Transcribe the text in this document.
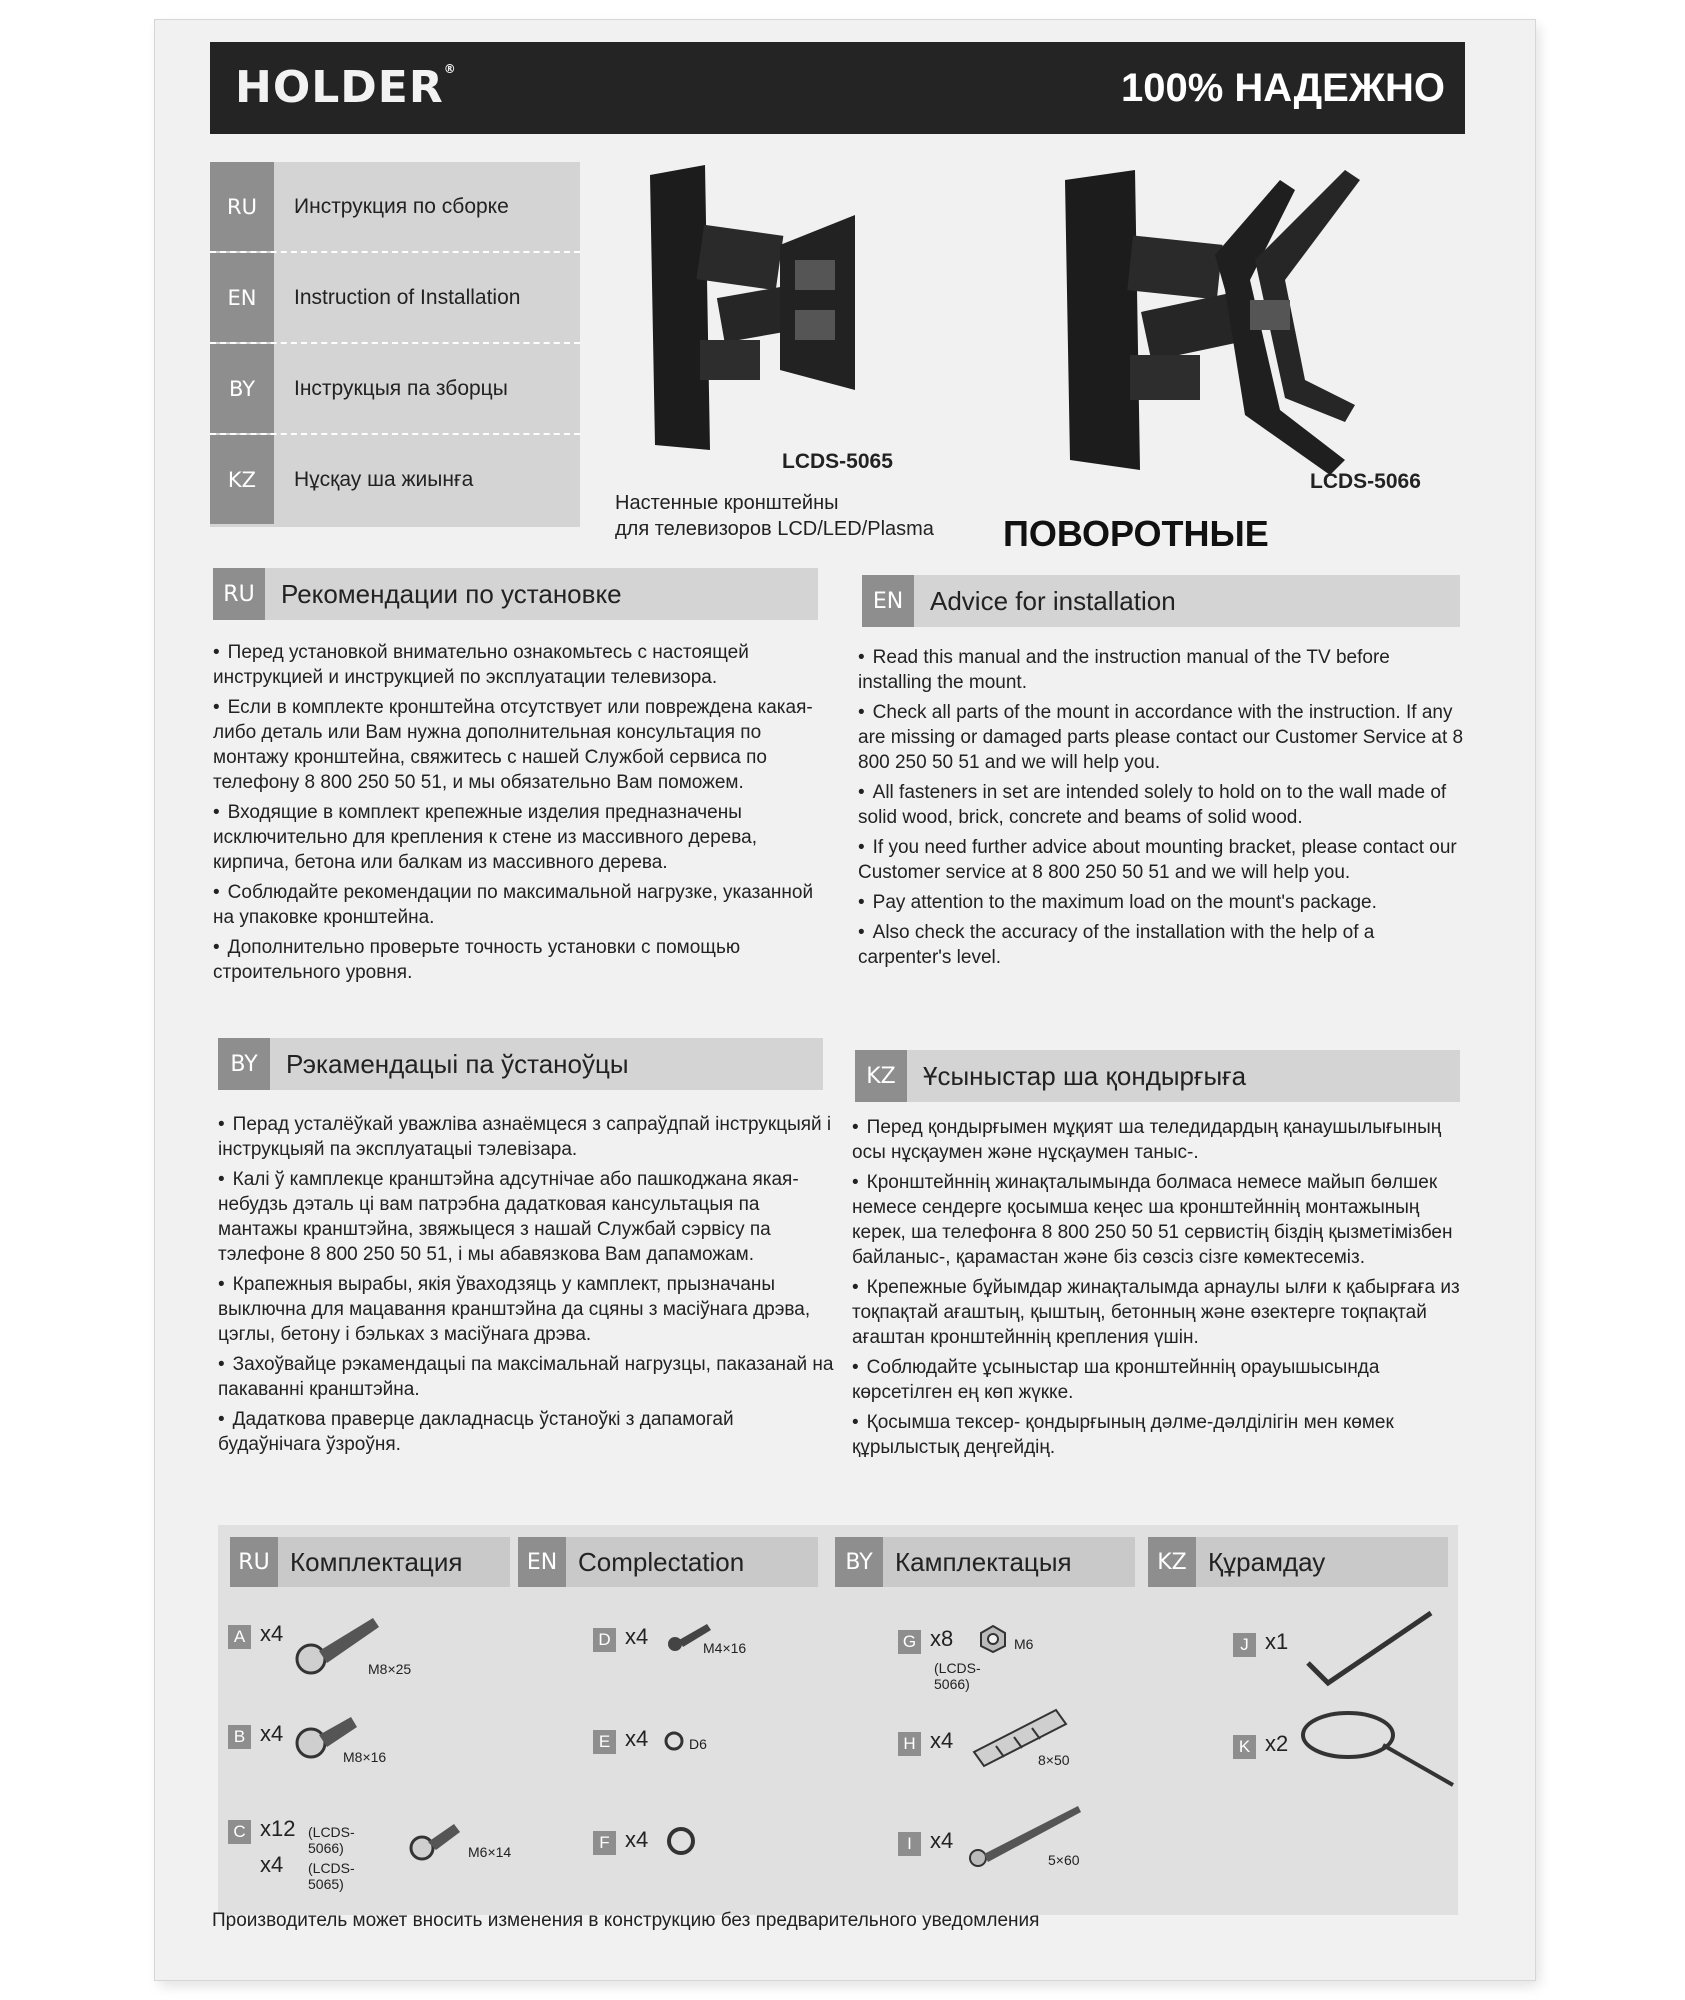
HOLDER®	100% НАДЕЖНО
RU	Инструкция по сборке
EN	Instruction of Installation
BY	Інструкцыя па зборцы
KZ	Нұсқау ша жиынға
LCDS-5065
LCDS-5066
Настенные кронштейны
для телевизоров LCD/LED/Plasma ПОВОРОТНЫЕ
RU	Рекомендации по установке
• Перед установкой внимательно ознакомьтесь с настоящей инструкцией и инструкцией по эксплуатации телевизора.
• Если в комплекте кронштейна отсутствует или повреждена какая-либо деталь или Вам нужна дополнительная консультация по монтажу кронштейна, свяжитесь с нашей Службой сервиса по телефону 8 800 250 50 51, и мы обязательно Вам поможем.
• Входящие в комплект крепежные изделия предназначены исключительно для крепления к стене из массивного дерева, кирпича, бетона или балкам из массивного дерева.
• Соблюдайте рекомендации по максимальной нагрузке, указанной на упаковке кронштейна.
• Дополнительно проверьте точность установки с помощью строительного уровня.
EN	Advice for installation
• Read this manual and the instruction manual of the TV before installing the mount.
• Check all parts of the mount in accordance with the instruction. If any are missing or damaged parts please contact our Customer Service at 8 800 250 50 51 and we will help you.
• All fasteners in set are intended solely to hold on to the wall made of solid wood, brick, concrete and beams of solid wood.
• If you need further advice about mounting bracket, please contact our Customer service at 8 800 250 50 51 and we will help you.
• Pay attention to the maximum load on the mount's package.
• Also check the accuracy of the installation with the help of a carpenter's level.
BY	Рэкамендацыі па ўстаноўцы
• Перад усталёўкай уважліва азнаёмцеся з сапраўдпай інструкцыяй і інструкцыяй па эксплуатацыі тэлевізара.
• Калі ў камплекце кранштэйна адсутнічае або пашкоджана якая-небудзь дэталь ці вам патрэбна дадатковая кансультацыя па мантажы кранштэйна, звяжыцеся з нашай Службай сэрвісу па тэлефоне 8 800 250 50 51, і мы абавязкова Вам дапаможам.
• Крапежныя вырабы, якія ўваходзяць у камплект, прызначаны выключна для мацавання кранштэйна да сцяны з масіўнага дрэва, цэглы, бетону і бэльках з масіўнага дрэва.
• Захоўвайце рэкамендацыі па максімальнай нагрузцы, паказанай на пакаванні кранштэйна.
• Дадаткова праверце дакладнасць ўстаноўкі з дапамогай будаўнічага ўзроўня.
KZ	Ұсыныстар ша қондырғыға
• Перед қондырғымен мұқият ша теледидардың қанаушылығының осы нұсқаумен және нұсқаумен таныс-.
• Кронштейннің жинақталымында болмаса немесе майып бөлшек немесе сендерге қосымша кеңес ша кронштейннің монтажының керек, ша телефонға 8 800 250 50 51 сервистің біздің қызметімізбен байланыс-, қарамастан және біз сөзсіз сізге көмектесеміз.
• Крепежные бұйымдар жинақталымда арнаулы ылғи к қабырғаға из тоқпақтай ағаштың, қыштың, бетонның және өзектерге тоқпақтай ағаштан кронштейннің крепления үшін.
• Соблюдайте ұсыныстар ша кронштейннің орауышысында көрсетілген ең көп жүкке.
• Қосымша тексер- қондырғының дәлме-дәлділігін мен көмек құрылыстық деңгейдің.
RU Комплектация	EN Complectation	BY Камплектацыя	KZ Құрамдау
A x4
M8×25
B x4
M8×16
C x12 (LCDS-5066)
x4 (LCDS-5065)
M6×14
D x4	M4×16
E x4	D6
F x4
G x8	M6
(LCDS-5066)
H x4
8×50
I x4
5×60
J x1
K x2
Производитель может вносить изменения в конструкцию без предварительного уведомления
